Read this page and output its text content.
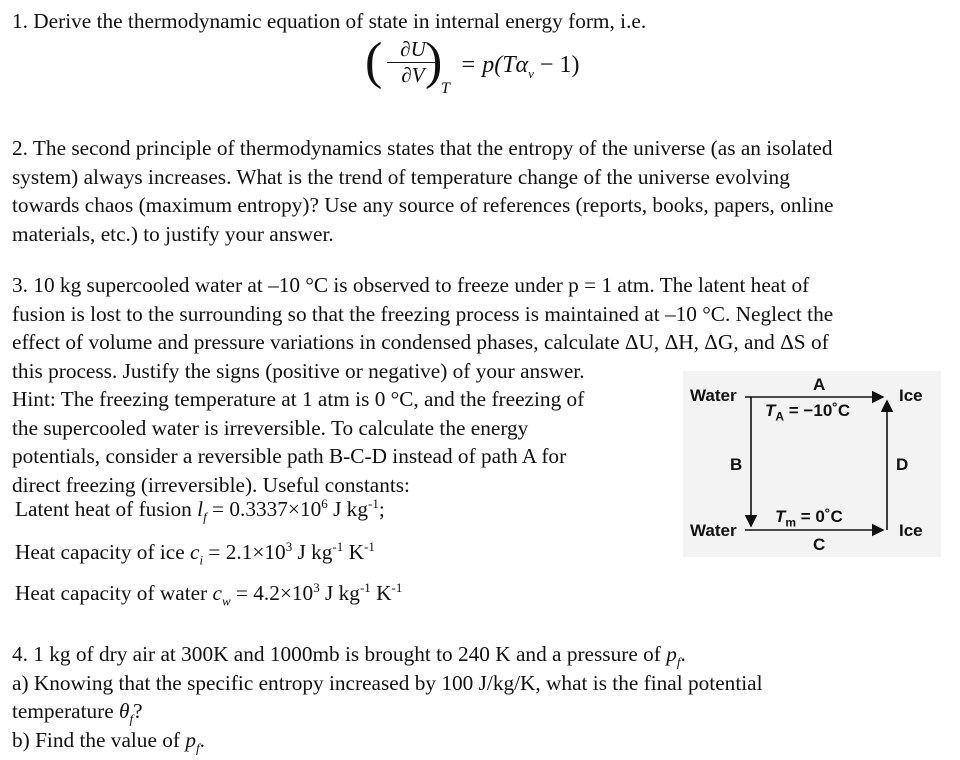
1. Derive the thermodynamic equation of state in internal energy form, i.e.
( $\frac{\partial U}{\partial V}$
)
T
= $p(T\alpha_v - 1)$
2. The second principle of thermodynamics states that the entropy of the universe (as an isolated
system) always increases. What is the trend of temperature change of the universe evolving
towards chaos (maximum entropy)? Use any source of references (reports, books, papers, online
materials, etc.) to justify your answer.
3. 10 kg supercooled water at –10 °C is observed to freeze under p = 1 atm. The latent heat of
fusion is lost to the surrounding so that the freezing process is maintained at –10 °C. Neglect the
effect of volume and pressure variations in condensed phases, calculate ΔU, ΔH, ΔG, and ΔS of
this process. Justify the signs (positive or negative) of your answer.
Hint: The freezing temperature at 1 atm is 0 °C, and the freezing of
the supercooled water is irreversible. To calculate the energy
potentials, consider a reversible path B-C-D instead of path A for
direct freezing (irreversible). Useful constants:
Latent heat of fusion $l_f = 0.3337\times 10^6$ J $kg^{-1}$;
Heat capacity of ice $c_i = 2.1\times 10^3$ J $kg^{-1}$ $K^{-1}$
Heat capacity of water $c_w = 4.2\times 10^3$ J $kg^{-1}$ $K^{-1}$
Water	Ice
A
$T_A$ = −10˚C
B	D
Water	Ice
$T_m$ = 0˚C
C
4. 1 kg of dry air at 300K and 1000mb is brought to 240 K and a pressure of $p_f$.
a) Knowing that the specific entropy increased by 100 J/kg/K, what is the final potential
temperature $\theta_f$?
b) Find the value of $p_f$.
